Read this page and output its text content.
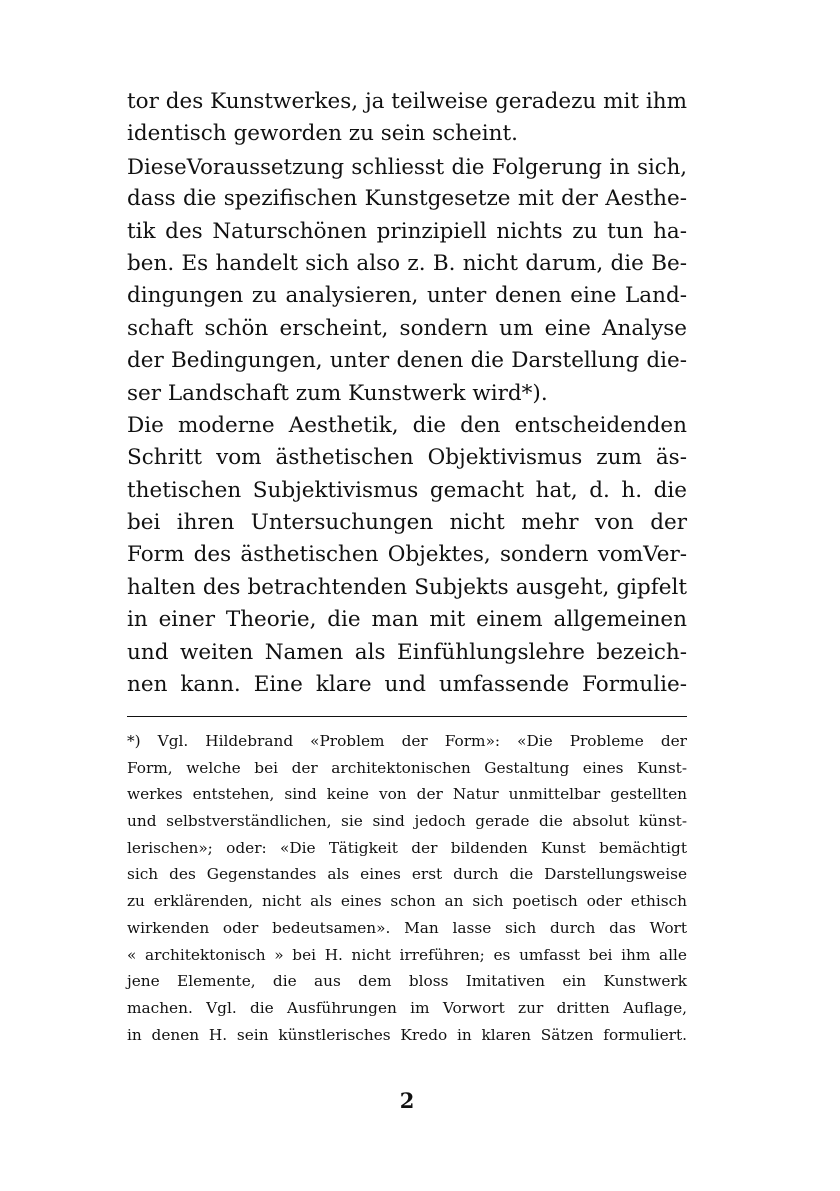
tor des Kunstwerkes, ja teilweise geradezu mit ihm
identisch geworden zu sein scheint.
DieseVoraussetzung schliesst die Folgerung in sich,
dass die spezifischen Kunstgesetze mit der Aesthe-
tik des Naturschönen prinzipiell nichts zu tun ha-
ben. Es handelt sich also z. B. nicht darum, die Be-
dingungen zu analysieren, unter denen eine Land-
schaft schön erscheint, sondern um eine Analyse
der Bedingungen, unter denen die Darstellung die-
ser Landschaft zum Kunstwerk wird*).
Die moderne Aesthetik, die den entscheidenden
Schritt vom ästhetischen Objektivismus zum äs-
thetischen Subjektivismus gemacht hat, d. h. die
bei ihren Untersuchungen nicht mehr von der
Form des ästhetischen Objektes, sondern vomVer-
halten des betrachtenden Subjekts ausgeht, gipfelt
in einer Theorie, die man mit einem allgemeinen
und weiten Namen als Einfühlungslehre bezeich-
nen kann. Eine klare und umfassende Formulie-
*) Vgl. Hildebrand «Problem der Form»: «Die Probleme der
Form, welche bei der architektonischen Gestaltung eines Kunst-
werkes entstehen, sind keine von der Natur unmittelbar gestellten
und selbstverständlichen, sie sind jedoch gerade die absolut künst-
lerischen»; oder: «Die Tätigkeit der bildenden Kunst bemächtigt
sich des Gegenstandes als eines erst durch die Darstellungsweise
zu erklärenden, nicht als eines schon an sich poetisch oder ethisch
wirkenden oder bedeutsamen». Man lasse sich durch das Wort
« architektonisch » bei H. nicht irreführen; es umfasst bei ihm alle
jene Elemente, die aus dem bloss Imitativen ein Kunstwerk
machen. Vgl. die Ausführungen im Vorwort zur dritten Auflage,
in denen H. sein künstlerisches Kredo in klaren Sätzen formuliert.
2
